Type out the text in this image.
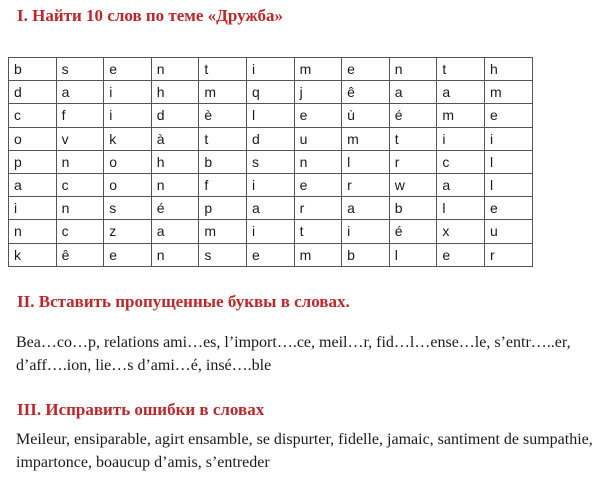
I. Найти 10 слов по теме «Дружба»
b	s	e	n	t	i	m	e	n	t	h
d	a	i	h	m	q	j	ê	a	a	m
c	f	i	d	è	l	e	ù	é	m	e
o	v	k	à	t	d	u	m	t	i	i
p	n	o	h	b	s	n	l	r	c	l
a	c	o	n	f	i	e	r	w	a	l
i	n	s	é	p	a	r	a	b	l	e
n	c	z	a	m	i	t	i	é	x	u
k	ê	e	n	s	e	m	b	l	e	r
II. Вставить пропущенные буквы в словах.
Bea…co…p, relations ami…es, l’import….ce, meil…r, fid…l…ense…le, s’entr…..er, d’aff….ion, lie…s d’ami…é, insé….ble
III. Исправить ошибки в словах
Meileur, ensiparable, agirt ensamble, se dispurter, fidelle, jamaic, santiment de sumpathie, impartonce, boaucup d’amis, s’entreder
